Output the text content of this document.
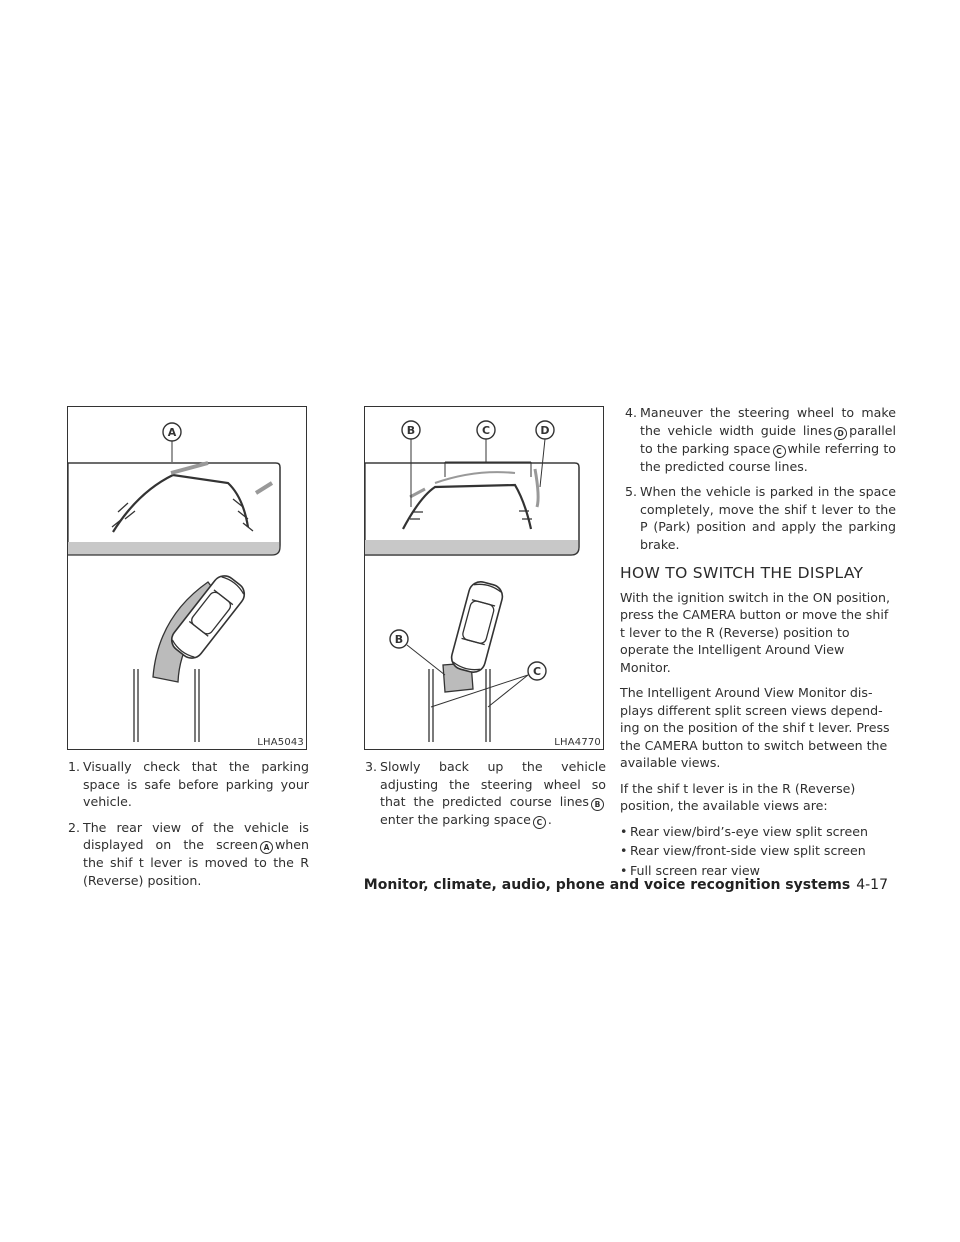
A
LHA5043
B	C	D
B
C
LHA4770

1. Visually check that the parking space is safe before parking your vehicle.

2. The rear view of the vehicle is displayed on the screen A when the shif t lever is moved to the R (Reverse) position.

3. Slowly back up the vehicle adjusting the steering wheel so that the predicted course lines Benter the parking space C .

4. Maneuver the steering wheel to make the vehicle width guide lines D parallel to the parking space C while referring to the predicted course lines.

5. When the vehicle is parked in the space completely, move the shif t lever to the P (Park) position and apply the parking brake.

HOW TO SWITCH THE DISPLAY

With the ignition switch in the ON position, press the CAMERA button or move the shif t lever to the R (Reverse) position to operate the Intelligent Around View Monitor.

The Intelligent Around View Monitor dis- plays different split screen views depend- ing on the position of the shif t lever. Press the CAMERA button to switch between the available views.

If the shif t lever is in the R (Reverse) position, the available views are:

• Rear view/bird’s-eye view split screen
• Rear view/front-side view split screen
• Full screen rear view
Monitor, climate, audio, phone and voice recognition systems 4-17
